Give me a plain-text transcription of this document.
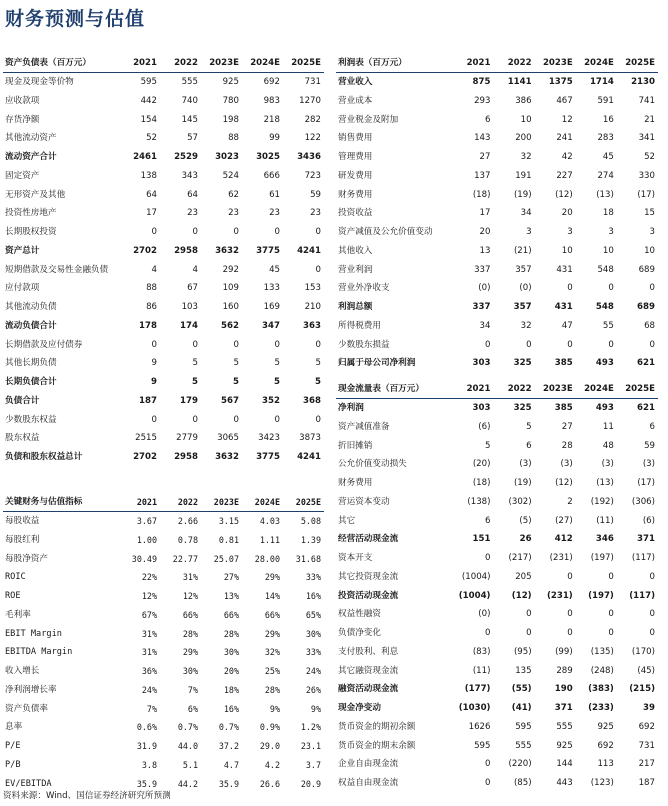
财务预测与估值
资产负债表（百万元）	2021	2022	2023E	2024E	2025E
现金及现金等价物	595	555	925	692	731
应收款项	442	740	780	983	1270
存货净额	154	145	198	218	282
其他流动资产	52	57	88	99	122
流动资产合计	2461	2529	3023	3025	3436
固定资产	138	343	524	666	723
无形资产及其他	64	64	62	61	59
投资性房地产	17	23	23	23	23
长期股权投资	0	0	0	0	0
资产总计	2702	2958	3632	3775	4241
短期借款及交易性金融负债	4	4	292	45	0
应付款项	88	67	109	133	153
其他流动负债	86	103	160	169	210
流动负债合计	178	174	562	347	363
长期借款及应付债券	0	0	0	0	0
其他长期负债	9	5	5	5	5
长期负债合计	9	5	5	5	5
负债合计	187	179	567	352	368
少数股东权益	0	0	0	0	0
股东权益	2515	2779	3065	3423	3873
负债和股东权益总计	2702	2958	3632	3775	4241
利润表（百万元）	2021	2022	2023E	2024E	2025E
营业收入	875	1141	1375	1714	2130
营业成本	293	386	467	591	741
营业税金及附加	6	10	12	16	21
销售费用	143	200	241	283	341
管理费用	27	32	42	45	52
研发费用	137	191	227	274	330
财务费用	(18)	(19)	(12)	(13)	(17)
投资收益	17	34	20	18	15
资产减值及公允价值变动	20	3	3	3	3
其他收入	13	(21)	10	10	10
营业利润	337	357	431	548	689
营业外净收支	(0)	(0)	0	0	0
利润总额	337	357	431	548	689
所得税费用	34	32	47	55	68
少数股东损益	0	0	0	0	0
归属于母公司净利润	303	325	385	493	621
现金流量表（百万元）	2021	2022	2023E	2024E	2025E
净利润	303	325	385	493	621
资产减值准备	(6)	5	27	11	6
折旧摊销	5	6	28	48	59
公允价值变动损失	(20)	(3)	(3)	(3)	(3)
财务费用	(18)	(19)	(12)	(13)	(17)
营运资本变动	(138)	(302)	2	(192)	(306)
其它	6	(5)	(27)	(11)	(6)
经营活动现金流	151	26	412	346	371
资本开支	0	(217)	(231)	(197)	(117)
其它投资现金流	(1004)	205	0	0	0
投资活动现金流	(1004)	(12)	(231)	(197)	(117)
权益性融资	(0)	0	0	0	0
负债净变化	0	0	0	0	0
支付股利、利息	(83)	(95)	(99)	(135)	(170)
其它融资现金流	(11)	135	289	(248)	(45)
融资活动现金流	(177)	(55)	190	(383)	(215)
现金净变动	(1030)	(41)	371	(233)	39
货币资金的期初余额	1626	595	555	925	692
货币资金的期末余额	595	555	925	692	731
企业自由现金流	0	(220)	144	113	217
权益自由现金流	0	(85)	443	(123)	187
关键财务与估值指标	2021	2022	2023E	2024E	2025E
每股收益	3.67	2.66	3.15	4.03	5.08
每股红利	1.00	0.78	0.81	1.11	1.39
每股净资产	30.49	22.77	25.07	28.00	31.68
ROIC	22%	31%	27%	29%	33%
ROE	12%	12%	13%	14%	16%
毛利率	67%	66%	66%	66%	65%
EBIT Margin	31%	28%	28%	29%	30%
EBITDA Margin	31%	29%	30%	32%	33%
收入增长	36%	30%	20%	25%	24%
净利润增长率	24%	7%	18%	28%	26%
资产负债率	7%	6%	16%	9%	9%
息率	0.6%	0.7%	0.7%	0.9%	1.2%
P/E	31.9	44.0	37.2	29.0	23.1
P/B	3.8	5.1	4.7	4.2	3.7
EV/EBITDA	35.9	44.2	35.9	26.6	20.9
资料来源：Wind、国信证券经济研究所预测
